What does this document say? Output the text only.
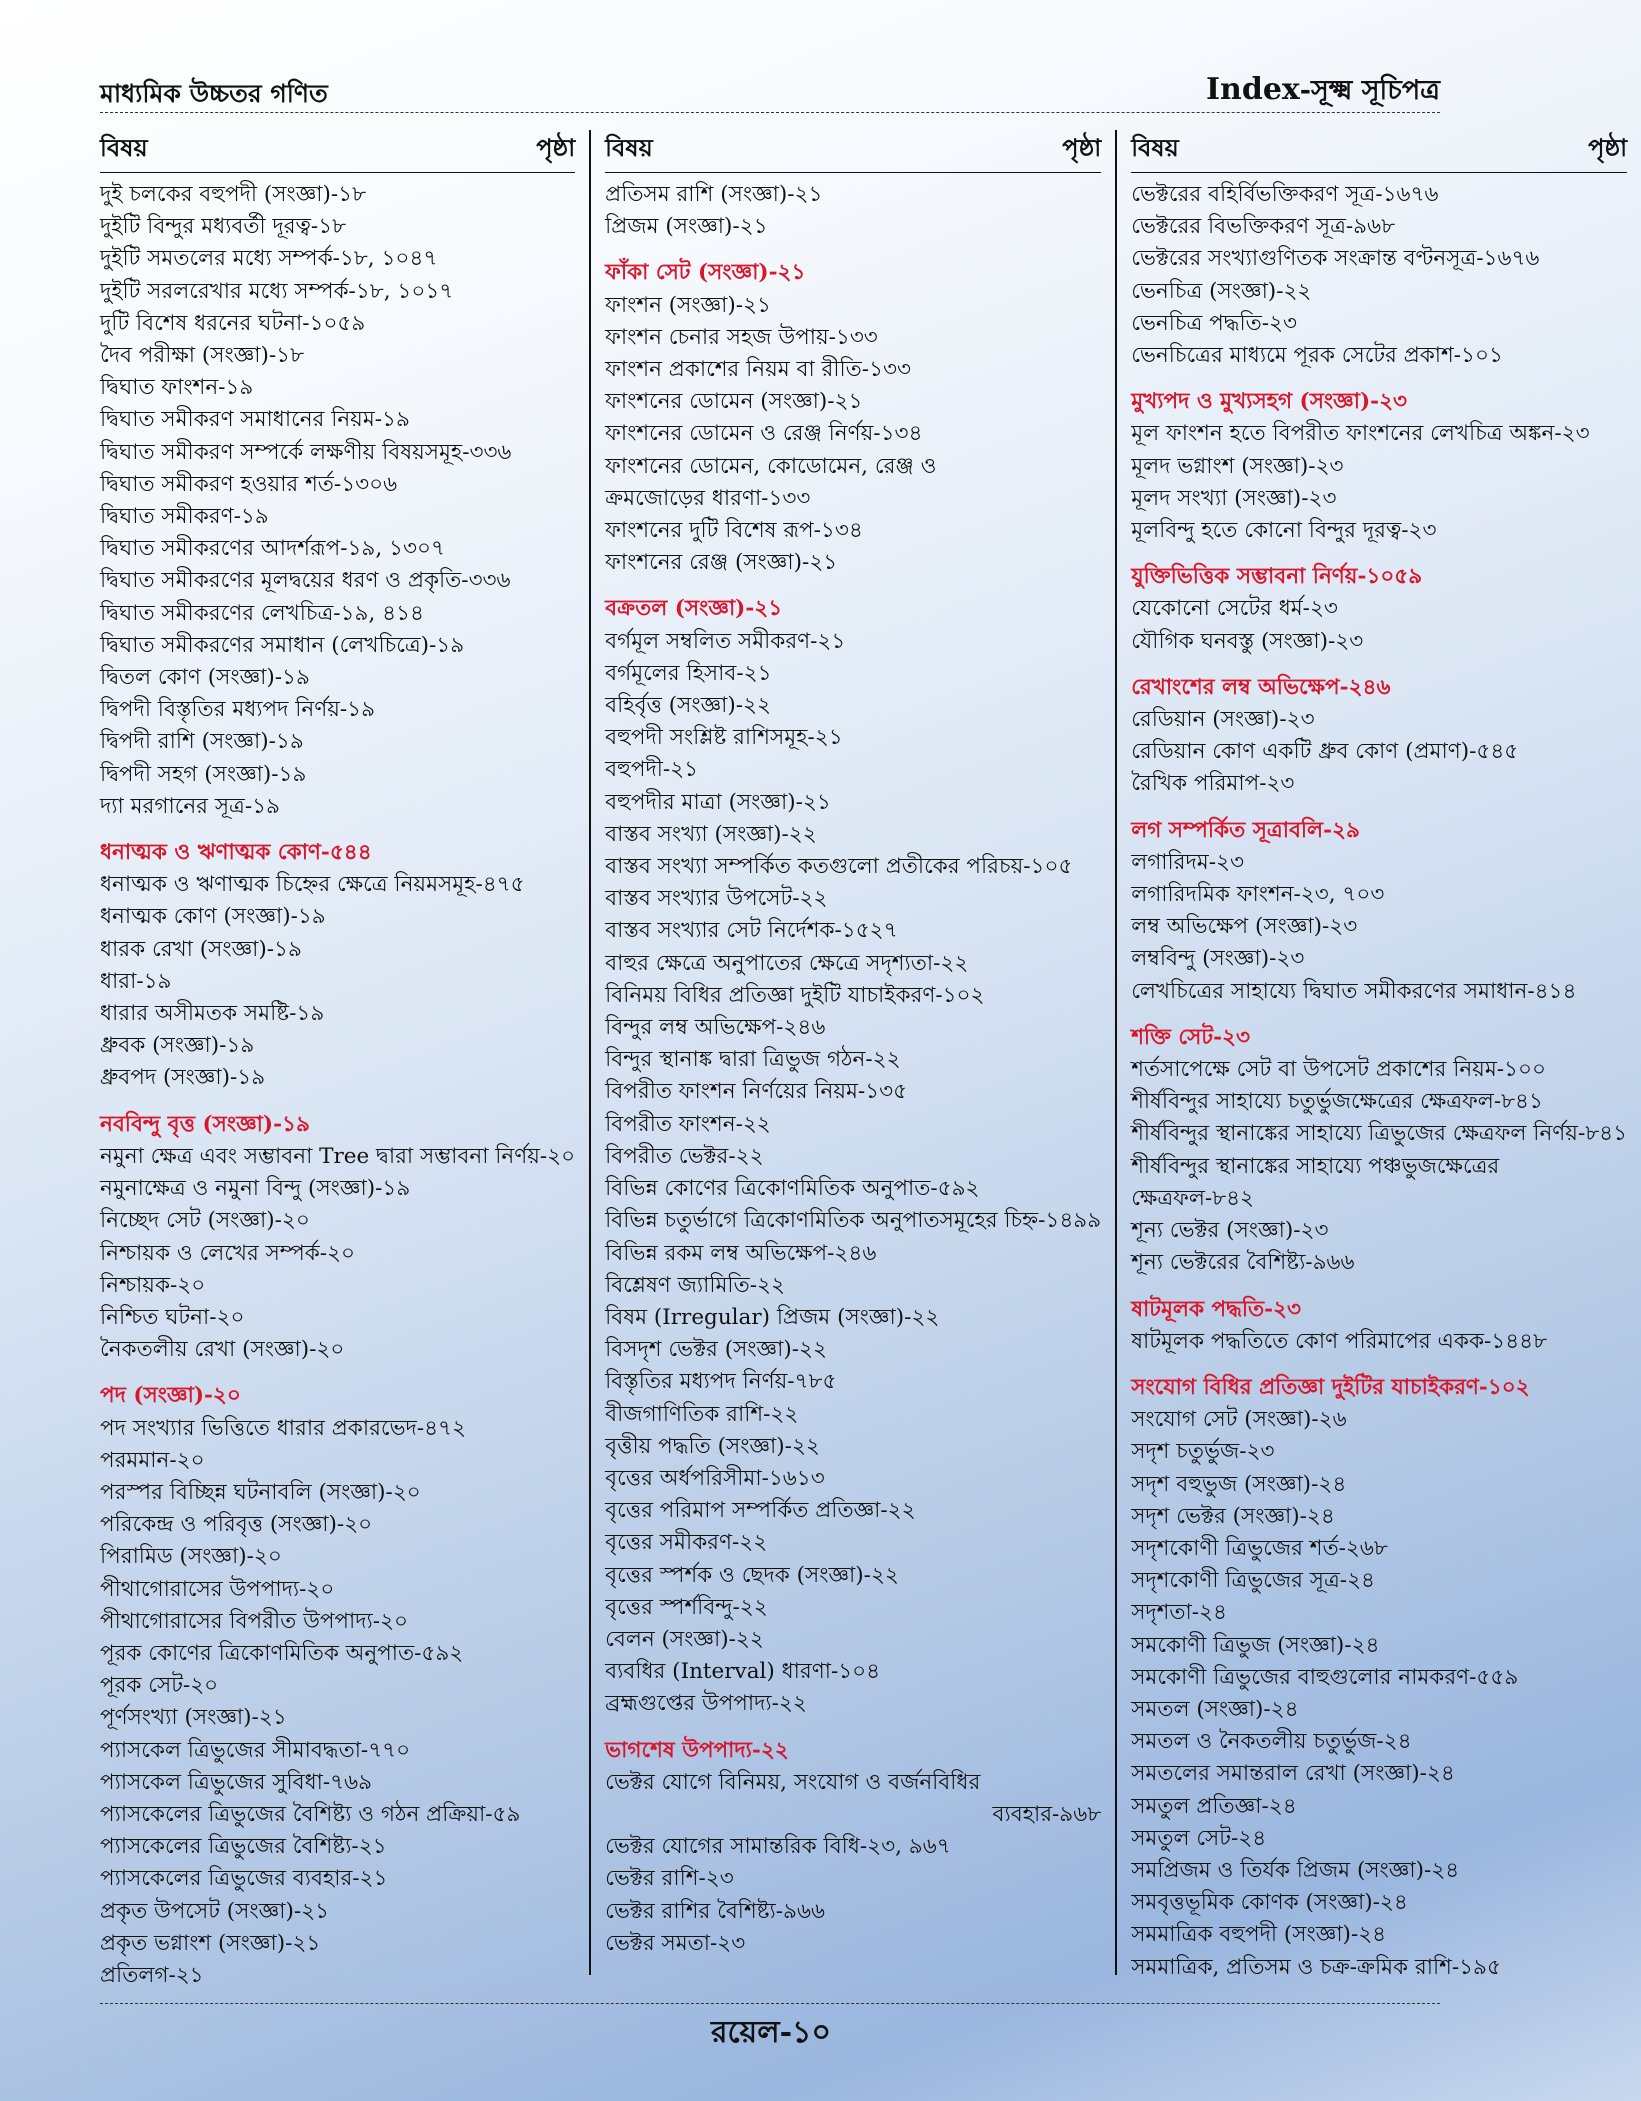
মাধ্যমিক উচ্চতর গণিত	Index-সূক্ষ্ম সূচিপত্র
বিষয়	পৃষ্ঠা
দুই চলকের বহুপদী (সংজ্ঞা)-১৮
দুইটি বিন্দুর মধ্যবর্তী দূরত্ব-১৮
দুইটি সমতলের মধ্যে সম্পর্ক-১৮, ১০৪৭
দুইটি সরলরেখার মধ্যে সম্পর্ক-১৮, ১০১৭
দুটি বিশেষ ধরনের ঘটনা-১০৫৯
দৈব পরীক্ষা (সংজ্ঞা)-১৮
দ্বিঘাত ফাংশন-১৯
দ্বিঘাত সমীকরণ সমাধানের নিয়ম-১৯
দ্বিঘাত সমীকরণ সম্পর্কে লক্ষণীয় বিষয়সমূহ-৩৩৬
দ্বিঘাত সমীকরণ হওয়ার শর্ত-১৩০৬
দ্বিঘাত সমীকরণ-১৯
দ্বিঘাত সমীকরণের আদর্শরূপ-১৯, ১৩০৭
দ্বিঘাত সমীকরণের মূলদ্বয়ের ধরণ ও প্রকৃতি-৩৩৬
দ্বিঘাত সমীকরণের লেখচিত্র-১৯, ৪১৪
দ্বিঘাত সমীকরণের সমাধান (লেখচিত্রে)-১৯
দ্বিতল কোণ (সংজ্ঞা)-১৯
দ্বিপদী বিস্তৃতির মধ্যপদ নির্ণয়-১৯
দ্বিপদী রাশি (সংজ্ঞা)-১৯
দ্বিপদী সহগ (সংজ্ঞা)-১৯
দ্যা মরগানের সূত্র-১৯
ধনাত্মক ও ঋণাত্মক কোণ-৫৪৪
ধনাত্মক ও ঋণাত্মক চিহ্নের ক্ষেত্রে নিয়মসমূহ-৪৭৫
ধনাত্মক কোণ (সংজ্ঞা)-১৯
ধারক রেখা (সংজ্ঞা)-১৯
ধারা-১৯
ধারার অসীমতক সমষ্টি-১৯
ধ্রুবক (সংজ্ঞা)-১৯
ধ্রুবপদ (সংজ্ঞা)-১৯
নববিন্দু বৃত্ত (সংজ্ঞা)-১৯
নমুনা ক্ষেত্র এবং সম্ভাবনা Tree দ্বারা সম্ভাবনা নির্ণয়-২০
নমুনাক্ষেত্র ও নমুনা বিন্দু (সংজ্ঞা)-১৯
নিচ্ছেদ সেট (সংজ্ঞা)-২০
নিশ্চায়ক ও লেখের সম্পর্ক-২০
নিশ্চায়ক-২০
নিশ্চিত ঘটনা-২০
নৈকতলীয় রেখা (সংজ্ঞা)-২০
পদ (সংজ্ঞা)-২০
পদ সংখ্যার ভিত্তিতে ধারার প্রকারভেদ-৪৭২
পরমমান-২০
পরস্পর বিচ্ছিন্ন ঘটনাবলি (সংজ্ঞা)-২০
পরিকেন্দ্র ও পরিবৃত্ত (সংজ্ঞা)-২০
পিরামিড (সংজ্ঞা)-২০
পীথাগোরাসের উপপাদ্য-২০
পীথাগোরাসের বিপরীত উপপাদ্য-২০
পূরক কোণের ত্রিকোণমিতিক অনুপাত-৫৯২
পূরক সেট-২০
পূর্ণসংখ্যা (সংজ্ঞা)-২১
প্যাসকেল ত্রিভুজের সীমাবদ্ধতা-৭৭০
প্যাসকেল ত্রিভুজের সুবিধা-৭৬৯
প্যাসকেলের ত্রিভুজের বৈশিষ্ট্য ও গঠন প্রক্রিয়া-৫৯
প্যাসকেলের ত্রিভুজের বৈশিষ্ট্য-২১
প্যাসকেলের ত্রিভুজের ব্যবহার-২১
প্রকৃত উপসেট (সংজ্ঞা)-২১
প্রকৃত ভগ্নাংশ (সংজ্ঞা)-২১
প্রতিলগ-২১
বিষয়	পৃষ্ঠা
প্রতিসম রাশি (সংজ্ঞা)-২১
প্রিজম (সংজ্ঞা)-২১
ফাঁকা সেট (সংজ্ঞা)-২১
ফাংশন (সংজ্ঞা)-২১
ফাংশন চেনার সহজ উপায়-১৩৩
ফাংশন প্রকাশের নিয়ম বা রীতি-১৩৩
ফাংশনের ডোমেন (সংজ্ঞা)-২১
ফাংশনের ডোমেন ও রেঞ্জ নির্ণয়-১৩৪
ফাংশনের ডোমেন, কোডোমেন, রেঞ্জ ও
ক্রমজোড়ের ধারণা-১৩৩
ফাংশনের দুটি বিশেষ রূপ-১৩৪
ফাংশনের রেঞ্জ (সংজ্ঞা)-২১
বক্রতল (সংজ্ঞা)-২১
বর্গমূল সম্বলিত সমীকরণ-২১
বর্গমূলের হিসাব-২১
বহির্বৃত্ত (সংজ্ঞা)-২২
বহুপদী সংশ্লিষ্ট রাশিসমূহ-২১
বহুপদী-২১
বহুপদীর মাত্রা (সংজ্ঞা)-২১
বাস্তব সংখ্যা (সংজ্ঞা)-২২
বাস্তব সংখ্যা সম্পর্কিত কতগুলো প্রতীকের পরিচয়-১০৫
বাস্তব সংখ্যার উপসেট-২২
বাস্তব সংখ্যার সেট নির্দেশক-১৫২৭
বাহুর ক্ষেত্রে অনুপাতের ক্ষেত্রে সদৃশ্যতা-২২
বিনিময় বিধির প্রতিজ্ঞা দুইটি যাচাইকরণ-১০২
বিন্দুর লম্ব অভিক্ষেপ-২৪৬
বিন্দুর স্থানাঙ্ক দ্বারা ত্রিভুজ গঠন-২২
বিপরীত ফাংশন নির্ণয়ের নিয়ম-১৩৫
বিপরীত ফাংশন-২২
বিপরীত ভেক্টর-২২
বিভিন্ন কোণের ত্রিকোণমিতিক অনুপাত-৫৯২
বিভিন্ন চতুর্ভাগে ত্রিকোণমিতিক অনুপাতসমূহের চিহ্ন-১৪৯৯
বিভিন্ন রকম লম্ব অভিক্ষেপ-২৪৬
বিশ্লেষণ জ্যামিতি-২২
বিষম (Irregular) প্রিজম (সংজ্ঞা)-২২
বিসদৃশ ভেক্টর (সংজ্ঞা)-২২
বিস্তৃতির মধ্যপদ নির্ণয়-৭৮৫
বীজগাণিতিক রাশি-২২
বৃত্তীয় পদ্ধতি (সংজ্ঞা)-২২
বৃত্তের অর্ধপরিসীমা-১৬১৩
বৃত্তের পরিমাপ সম্পর্কিত প্রতিজ্ঞা-২২
বৃত্তের সমীকরণ-২২
বৃত্তের স্পর্শক ও ছেদক (সংজ্ঞা)-২২
বৃত্তের স্পর্শবিন্দু-২২
বেলন (সংজ্ঞা)-২২
ব্যবধির (Interval) ধারণা-১০৪
ব্রহ্মগুপ্তের উপপাদ্য-২২
ভাগশেষ উপপাদ্য-২২
ভেক্টর যোগে বিনিময়, সংযোগ ও বর্জনবিধির
ব্যবহার-৯৬৮
ভেক্টর যোগের সামান্তরিক বিধি-২৩, ৯৬৭
ভেক্টর রাশি-২৩
ভেক্টর রাশির বৈশিষ্ট্য-৯৬৬
ভেক্টর সমতা-২৩
বিষয়	পৃষ্ঠা
ভেক্টরের বহির্বিভক্তিকরণ সূত্র-১৬৭৬
ভেক্টরের বিভক্তিকরণ সূত্র-৯৬৮
ভেক্টরের সংখ্যাগুণিতক সংক্রান্ত বণ্টনসূত্র-১৬৭৬
ভেনচিত্র (সংজ্ঞা)-২২
ভেনচিত্র পদ্ধতি-২৩
ভেনচিত্রের মাধ্যমে পূরক সেটের প্রকাশ-১০১
মুখ্যপদ ও মুখ্যসহগ (সংজ্ঞা)-২৩
মূল ফাংশন হতে বিপরীত ফাংশনের লেখচিত্র অঙ্কন-২৩
মূলদ ভগ্নাংশ (সংজ্ঞা)-২৩
মূলদ সংখ্যা (সংজ্ঞা)-২৩
মূলবিন্দু হতে কোনো বিন্দুর দূরত্ব-২৩
যুক্তিভিত্তিক সম্ভাবনা নির্ণয়-১০৫৯
যেকোনো সেটের ধর্ম-২৩
যৌগিক ঘনবস্তু (সংজ্ঞা)-২৩
রেখাংশের লম্ব অভিক্ষেপ-২৪৬
রেডিয়ান (সংজ্ঞা)-২৩
রেডিয়ান কোণ একটি ধ্রুব কোণ (প্রমাণ)-৫৪৫
রৈখিক পরিমাপ-২৩
লগ সম্পর্কিত সূত্রাবলি-২৯
লগারিদম-২৩
লগারিদমিক ফাংশন-২৩, ৭০৩
লম্ব অভিক্ষেপ (সংজ্ঞা)-২৩
লম্ববিন্দু (সংজ্ঞা)-২৩
লেখচিত্রের সাহায্যে দ্বিঘাত সমীকরণের সমাধান-৪১৪
শক্তি সেট-২৩
শর্তসাপেক্ষে সেট বা উপসেট প্রকাশের নিয়ম-১০০
শীর্ষবিন্দুর সাহায্যে চতুর্ভুজক্ষেত্রের ক্ষেত্রফল-৮৪১
শীর্ষবিন্দুর স্থানাঙ্কের সাহায্যে ত্রিভুজের ক্ষেত্রফল নির্ণয়-৮৪১
শীর্ষবিন্দুর স্থানাঙ্কের সাহায্যে পঞ্চভুজক্ষেত্রের
ক্ষেত্রফল-৮৪২
শূন্য ভেক্টর (সংজ্ঞা)-২৩
শূন্য ভেক্টরের বৈশিষ্ট্য-৯৬৬
ষাটমূলক পদ্ধতি-২৩
ষাটমূলক পদ্ধতিতে কোণ পরিমাপের একক-১৪৪৮
সংযোগ বিধির প্রতিজ্ঞা দুইটির যাচাইকরণ-১০২
সংযোগ সেট (সংজ্ঞা)-২৬
সদৃশ চতুর্ভুজ-২৩
সদৃশ বহুভুজ (সংজ্ঞা)-২৪
সদৃশ ভেক্টর (সংজ্ঞা)-২৪
সদৃশকোণী ত্রিভুজের শর্ত-২৬৮
সদৃশকোণী ত্রিভুজের সূত্র-২৪
সদৃশতা-২৪
সমকোণী ত্রিভুজ (সংজ্ঞা)-২৪
সমকোণী ত্রিভুজের বাহুগুলোর নামকরণ-৫৫৯
সমতল (সংজ্ঞা)-২৪
সমতল ও নৈকতলীয় চতুর্ভুজ-২৪
সমতলের সমান্তরাল রেখা (সংজ্ঞা)-২৪
সমতুল প্রতিজ্ঞা-২৪
সমতুল সেট-২৪
সমপ্রিজম ও তির্যক প্রিজম (সংজ্ঞা)-২৪
সমবৃত্তভূমিক কোণক (সংজ্ঞা)-২৪
সমমাত্রিক বহুপদী (সংজ্ঞা)-২৪
সমমাত্রিক, প্রতিসম ও চক্র-ক্রমিক রাশি-১৯৫
রয়েল-১০
